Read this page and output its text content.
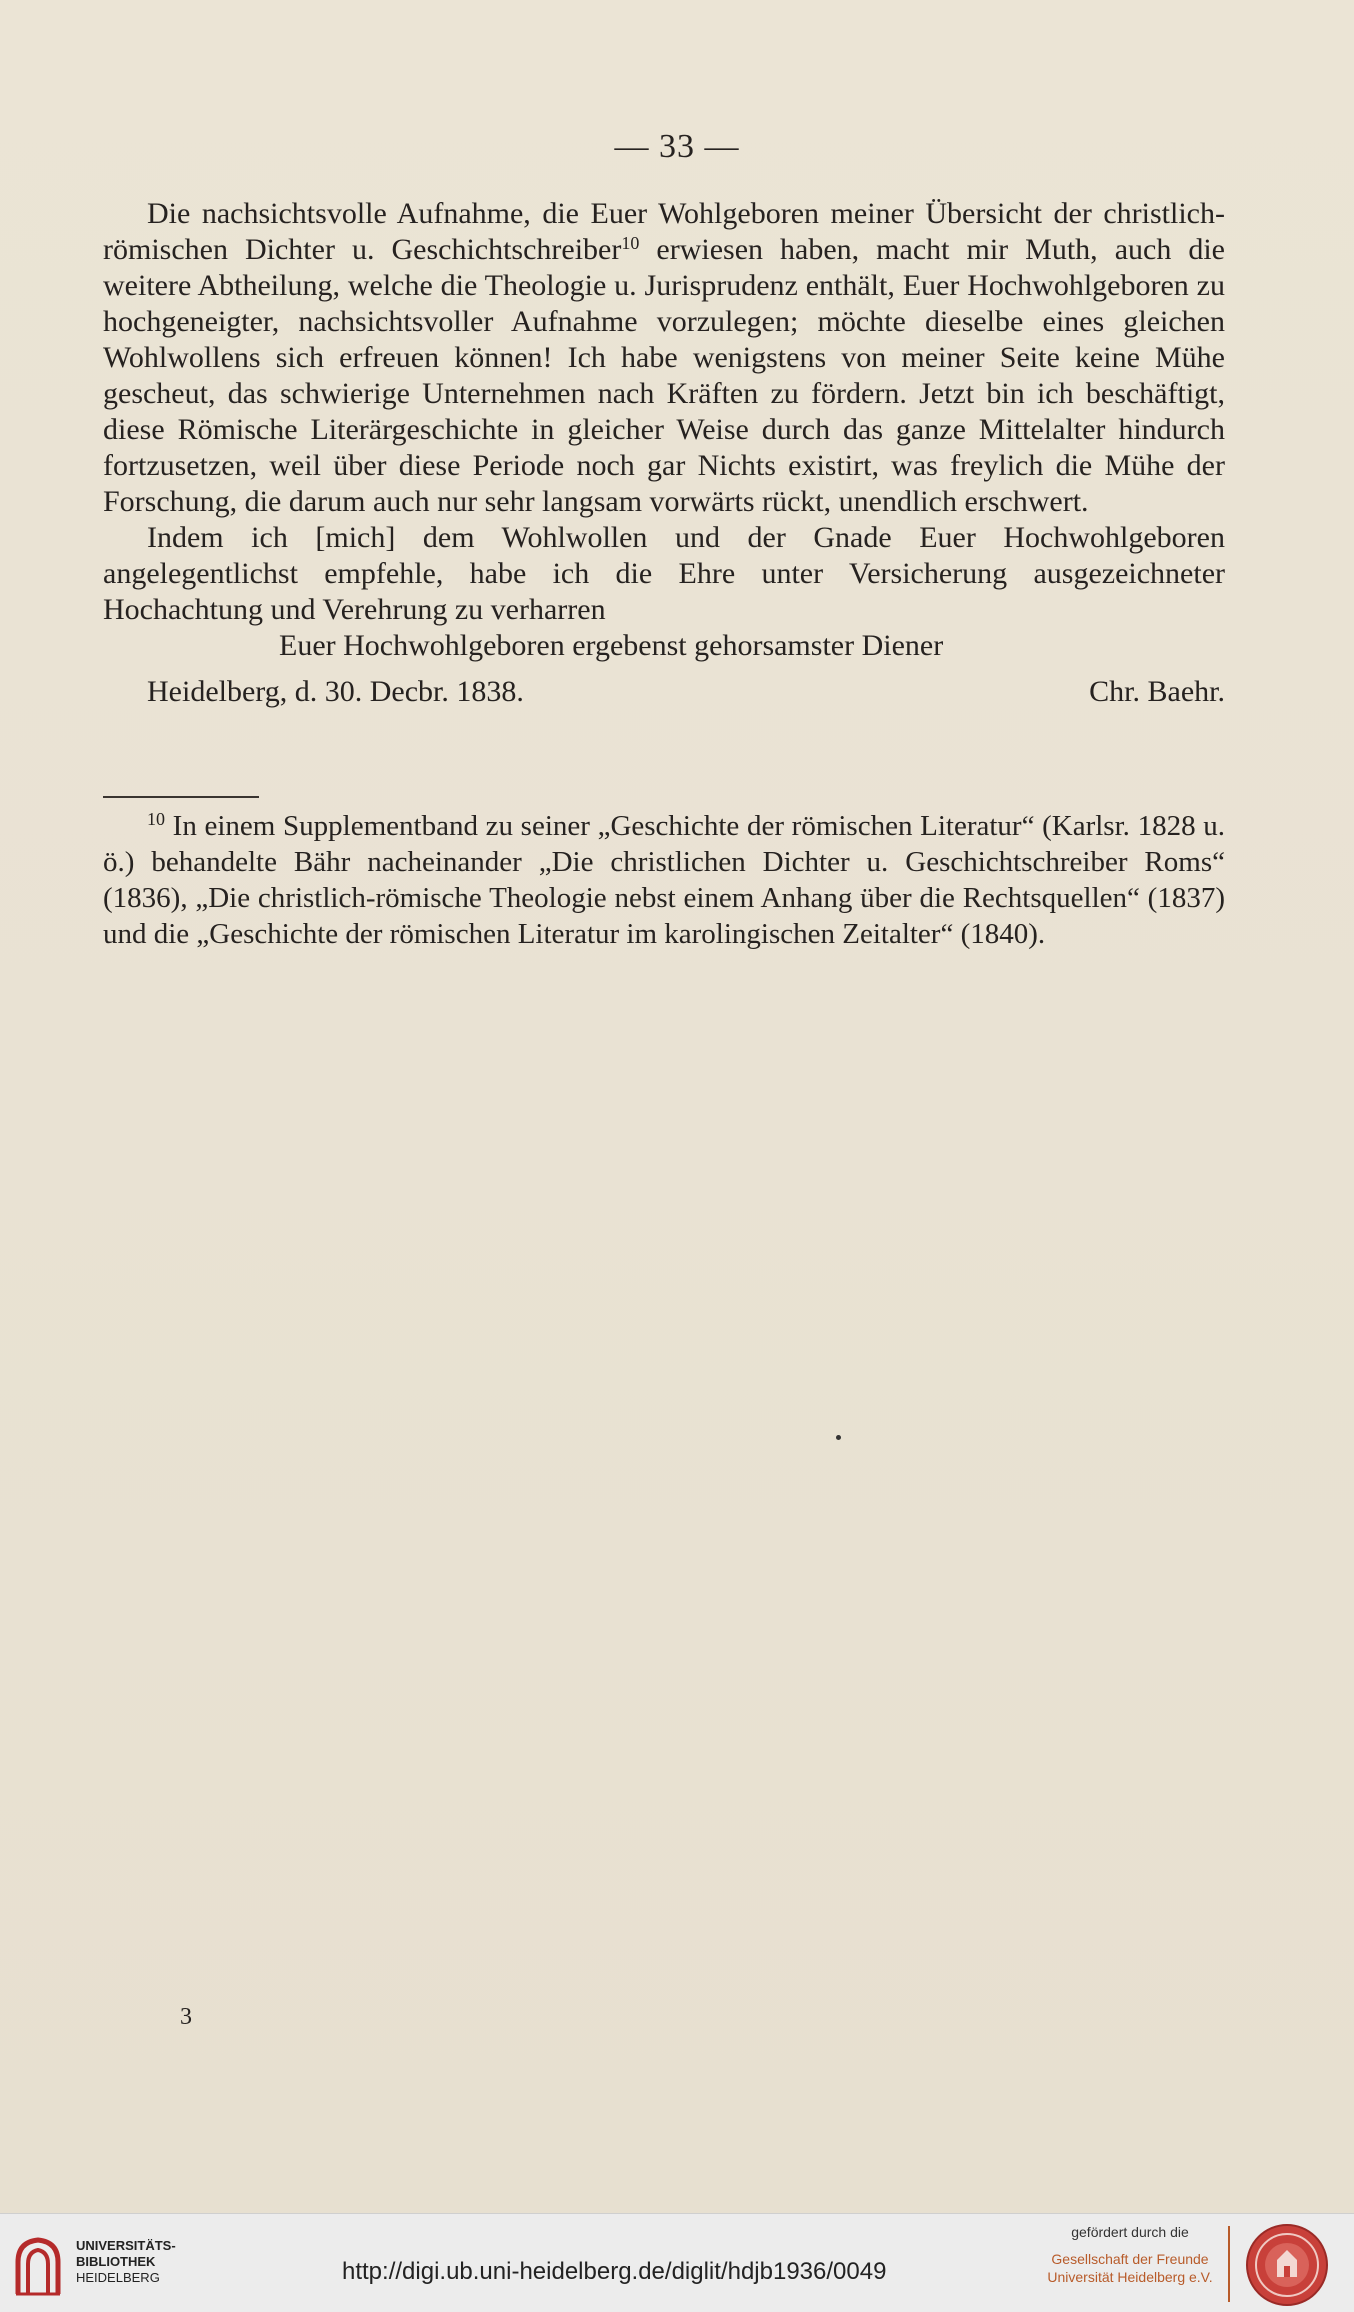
— 33 —

Die nachsichtsvolle Aufnahme, die Euer Wohlgeboren meiner Übersicht der christlich-römischen Dichter u. Geschichtschreiber$^{10}$ erwiesen haben, macht mir Muth, auch die weitere Abtheilung, welche die Theologie u. Jurisprudenz enthält, Euer Hochwohlgeboren zu hochgeneigter, nachsichtsvoller Aufnahme vorzulegen; möchte dieselbe eines gleichen Wohlwollens sich erfreuen können! Ich habe wenigstens von meiner Seite keine Mühe gescheut, das schwierige Unternehmen nach Kräften zu fördern. Jetzt bin ich beschäftigt, diese Römische Literärgeschichte in gleicher Weise durch das ganze Mittelalter hindurch fortzusetzen, weil über diese Periode noch gar Nichts existirt, was freylich die Mühe der Forschung, die darum auch nur sehr langsam vorwärts rückt, unendlich erschwert.

Indem ich [mich] dem Wohlwollen und der Gnade Euer Hochwohlgeboren angelegentlichst empfehle, habe ich die Ehre unter Versicherung ausgezeichneter Hochachtung und Verehrung zu verharren

Euer Hochwohlgeboren ergebenst gehorsamster Diener

Heidelberg, d. 30. Decbr. 1838.	Chr. Baehr.

$^{10}$ In einem Supplementband zu seiner „Geschichte der römischen Literatur“ (Karlsr. 1828 u. ö.) behandelte Bähr nacheinander „Die christlichen Dichter u. Geschichtschreiber Roms“ (1836), „Die christlich-römische Theologie nebst einem Anhang über die Rechtsquellen“ (1837) und die „Geschichte der römischen Literatur im karolingischen Zeitalter“ (1840).

3
UNIVERSITÄTS-
BIBLIOTHEK
HEIDELBERG	http://digi.ub.uni-heidelberg.de/diglit/hdjb1936/0049
gefördert durch die
Gesellschaft der Freunde
Universität Heidelberg e.V.
